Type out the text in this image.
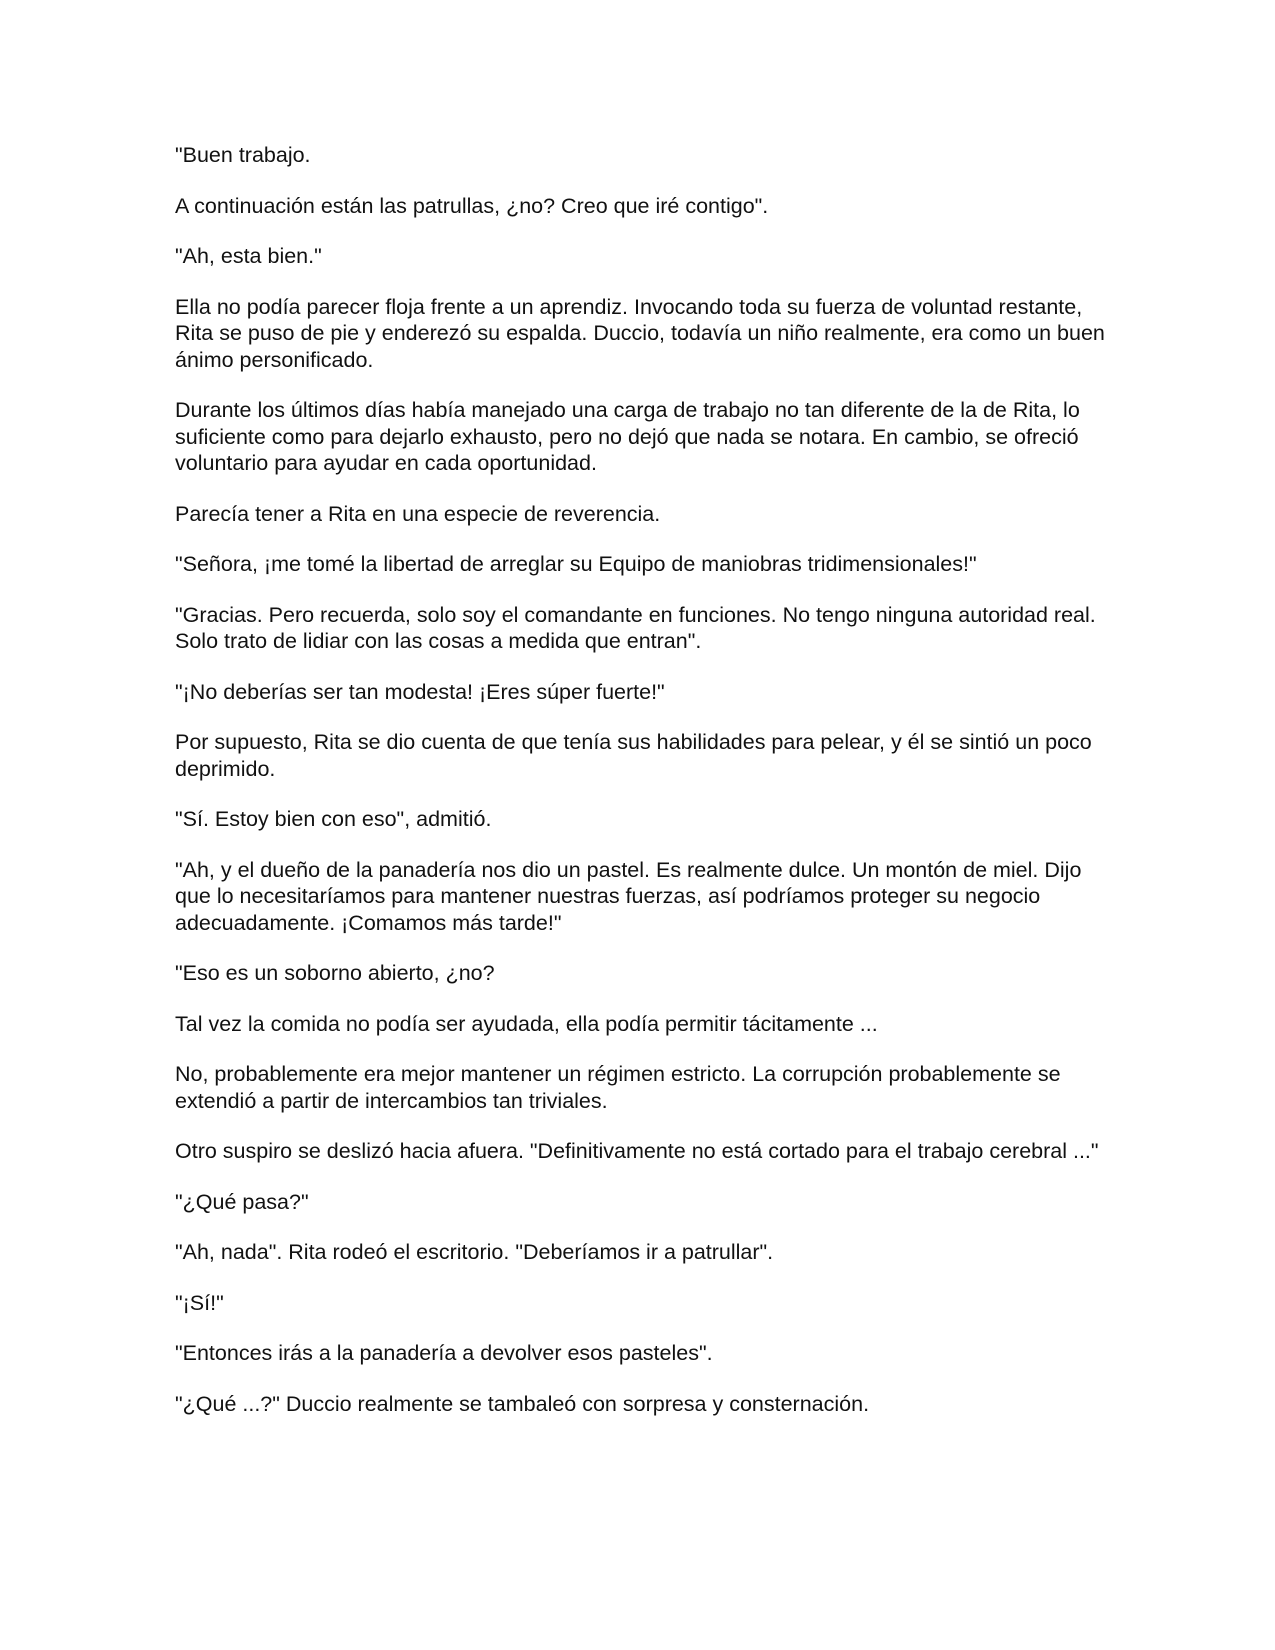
"Buen trabajo.

A continuación están las patrullas, ¿no? Creo que iré contigo".

"Ah, esta bien."

Ella no podía parecer floja frente a un aprendiz. Invocando toda su fuerza de voluntad restante, Rita se puso de pie y enderezó su espalda. Duccio, todavía un niño realmente, era como un buen ánimo personificado.

Durante los últimos días había manejado una carga de trabajo no tan diferente de la de Rita, lo suficiente como para dejarlo exhausto, pero no dejó que nada se notara. En cambio, se ofreció voluntario para ayudar en cada oportunidad.

Parecía tener a Rita en una especie de reverencia.

"Señora, ¡me tomé la libertad de arreglar su Equipo de maniobras tridimensionales!"

"Gracias. Pero recuerda, solo soy el comandante en funciones. No tengo ninguna autoridad real. Solo trato de lidiar con las cosas a medida que entran".

"¡No deberías ser tan modesta! ¡Eres súper fuerte!"

Por supuesto, Rita se dio cuenta de que tenía sus habilidades para pelear, y él se sintió un poco deprimido.

"Sí. Estoy bien con eso", admitió.

"Ah, y el dueño de la panadería nos dio un pastel. Es realmente dulce. Un montón de miel. Dijo que lo necesitaríamos para mantener nuestras fuerzas, así podríamos proteger su negocio adecuadamente. ¡Comamos más tarde!"

"Eso es un soborno abierto, ¿no?

Tal vez la comida no podía ser ayudada, ella podía permitir tácitamente ...

No, probablemente era mejor mantener un régimen estricto. La corrupción probablemente se extendió a partir de intercambios tan triviales.

Otro suspiro se deslizó hacia afuera. "Definitivamente no está cortado para el trabajo cerebral ..."

"¿Qué pasa?"

"Ah, nada". Rita rodeó el escritorio. "Deberíamos ir a patrullar".

"¡Sí!"

"Entonces irás a la panadería a devolver esos pasteles".

"¿Qué ...?" Duccio realmente se tambaleó con sorpresa y consternación.
